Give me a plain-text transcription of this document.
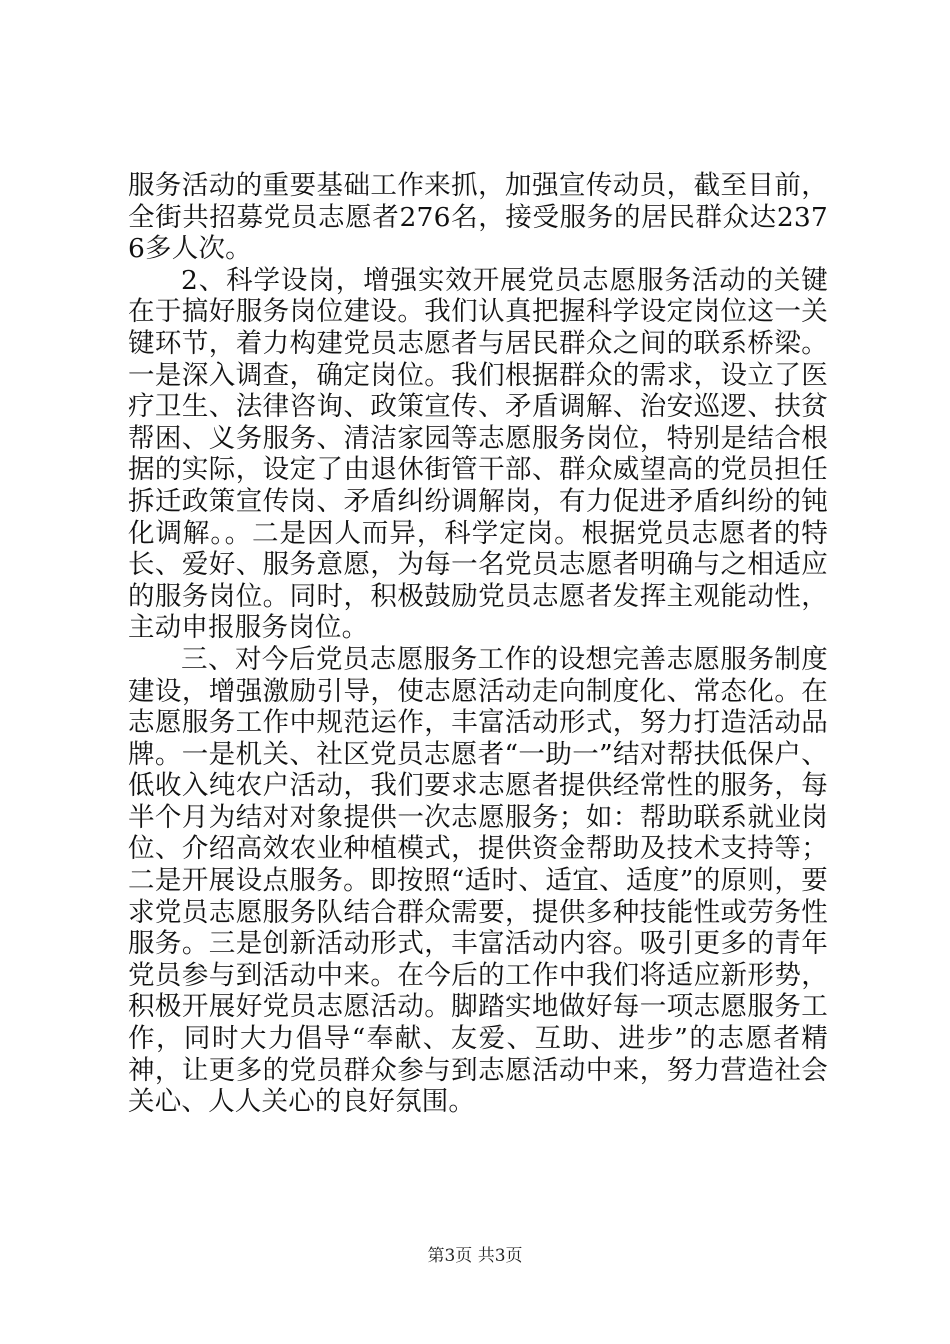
服务活动的重要基础工作来抓，加强宣传动员，截至目前，全街共招募党员志愿者276名，接受服务的居民群众达2376多人次。

2、科学设岗，增强实效开展党员志愿服务活动的关键在于搞好服务岗位建设。我们认真把握科学设定岗位这一关键环节，着力构建党员志愿者与居民群众之间的联系桥梁。一是深入调查，确定岗位。我们根据群众的需求，设立了医疗卫生、法律咨询、政策宣传、矛盾调解、治安巡逻、扶贫帮困、义务服务、清洁家园等志愿服务岗位，特别是结合根据的实际，设定了由退休街管干部、群众威望高的党员担任拆迁政策宣传岗、矛盾纠纷调解岗，有力促进矛盾纠纷的钝化调解。。二是因人而异，科学定岗。根据党员志愿者的特长、爱好、服务意愿，为每一名党员志愿者明确与之相适应的服务岗位。同时，积极鼓励党员志愿者发挥主观能动性，主动申报服务岗位。

三、对今后党员志愿服务工作的设想完善志愿服务制度建设，增强激励引导，使志愿活动走向制度化、常态化。在志愿服务工作中规范运作，丰富活动形式，努力打造活动品牌。一是机关、社区党员志愿者“一助一”结对帮扶低保户、低收入纯农户活动，我们要求志愿者提供经常性的服务，每半个月为结对对象提供一次志愿服务；如：帮助联系就业岗位、介绍高效农业种植模式，提供资金帮助及技术支持等；二是开展设点服务。即按照“适时、适宜、适度”的原则，要求党员志愿服务队结合群众需要，提供多种技能性或劳务性服务。三是创新活动形式，丰富活动内容。吸引更多的青年党员参与到活动中来。在今后的工作中我们将适应新形势，积极开展好党员志愿活动。脚踏实地做好每一项志愿服务工作，同时大力倡导“奉献、友爱、互助、进步”的志愿者精神，让更多的党员群众参与到志愿活动中来，努力营造社会关心、人人关心的良好氛围。

第3页 共3页
